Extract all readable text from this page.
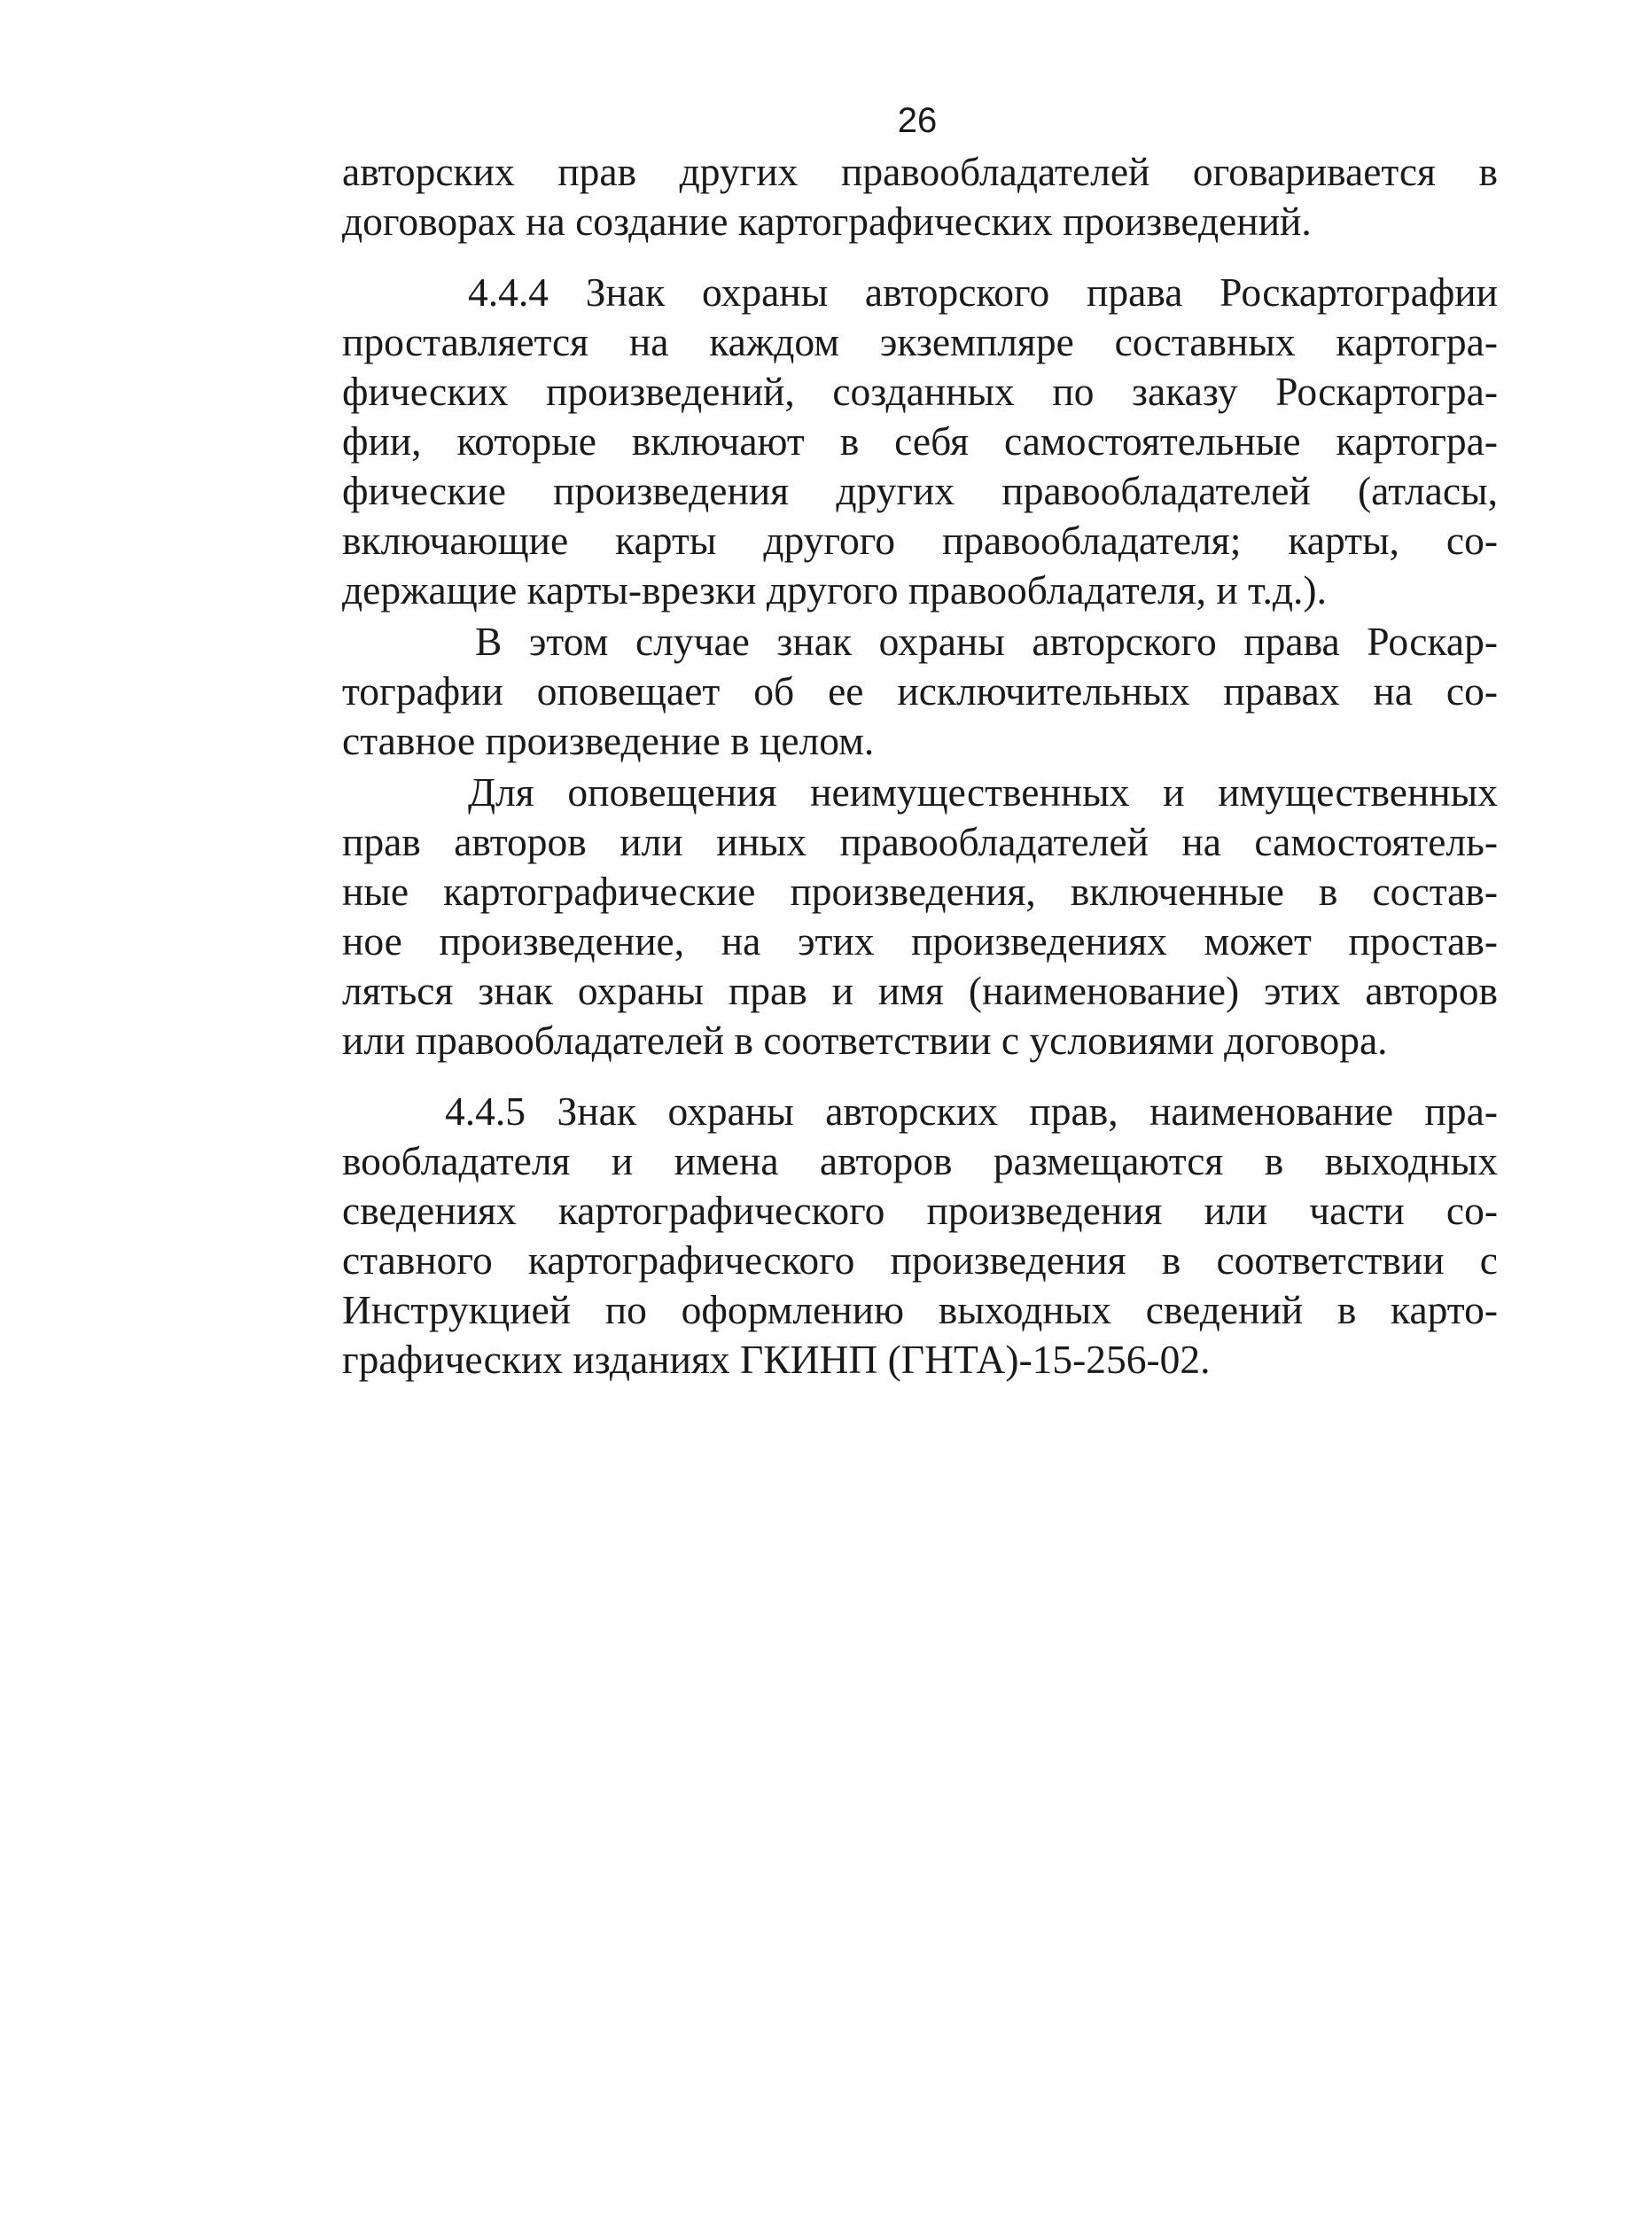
26
авторских прав других правообладателей оговаривается в
договорах на создание картографических произведений.
4.4.4 Знак охраны авторского права Роскартографии
проставляется на каждом экземпляре составных картогра-
фических произведений, созданных по заказу Роскартогра-
фии, которые включают в себя самостоятельные картогра-
фические произведения других правообладателей (атласы,
включающие карты другого правообладателя; карты, со-
держащие карты-врезки другого правообладателя, и т.д.).
В этом случае знак охраны авторского права Роскар-
тографии оповещает об ее исключительных правах на со-
ставное произведение в целом.
Для оповещения неимущественных и имущественных
прав авторов или иных правообладателей на самостоятель-
ные картографические произведения, включенные в состав-
ное произведение, на этих произведениях может простав-
ляться знак охраны прав и имя (наименование) этих авторов
или правообладателей в соответствии с условиями договора.
4.4.5 Знак охраны авторских прав, наименование пра-
вообладателя и имена авторов размещаются в выходных
сведениях картографического произведения или части со-
ставного картографического произведения в соответствии с
Инструкцией по оформлению выходных сведений в карто-
графических изданиях ГКИНП (ГНТА)-15-256-02.
